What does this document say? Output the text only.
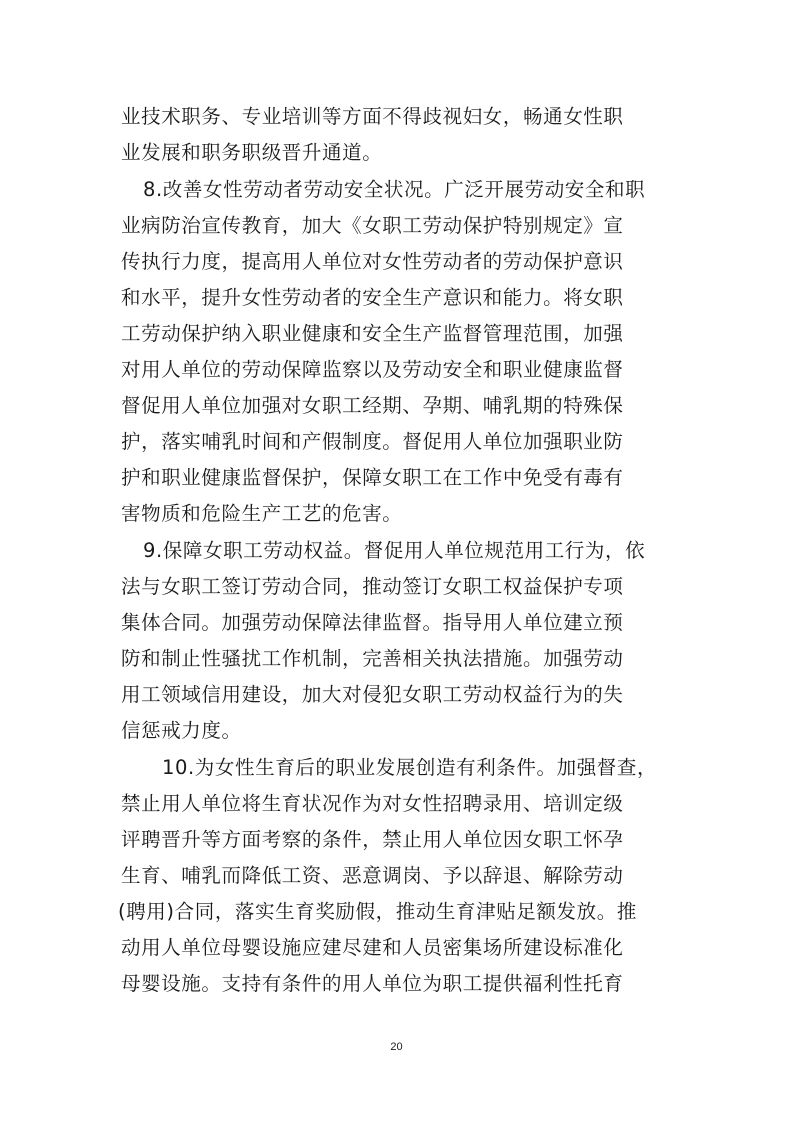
业技术职务、专业培训等方面不得歧视妇女，畅通女性职
业发展和职务职级晋升通道。
8.改善女性劳动者劳动安全状况。广泛开展劳动安全和职
业病防治宣传教育，加大《女职工劳动保护特别规定》宣
传执行力度，提高用人单位对女性劳动者的劳动保护意识
和水平，提升女性劳动者的安全生产意识和能力。将女职
工劳动保护纳入职业健康和安全生产监督管理范围，加强
对用人单位的劳动保障监察以及劳动安全和职业健康监督
督促用人单位加强对女职工经期、孕期、哺乳期的特殊保
护，落实哺乳时间和产假制度。督促用人单位加强职业防
护和职业健康监督保护，保障女职工在工作中免受有毒有
害物质和危险生产工艺的危害。
9.保障女职工劳动权益。督促用人单位规范用工行为，依
法与女职工签订劳动合同，推动签订女职工权益保护专项
集体合同。加强劳动保障法律监督。指导用人单位建立预
防和制止性骚扰工作机制，完善相关执法措施。加强劳动
用工领域信用建设，加大对侵犯女职工劳动权益行为的失
信惩戒力度。
10.为女性生育后的职业发展创造有利条件。加强督查，
禁止用人单位将生育状况作为对女性招聘录用、培训定级
评聘晋升等方面考察的条件，禁止用人单位因女职工怀孕
生育、哺乳而降低工资、恶意调岗、予以辞退、解除劳动
(聘用)合同，落实生育奖励假，推动生育津贴足额发放。推
动用人单位母婴设施应建尽建和人员密集场所建设标准化
母婴设施。支持有条件的用人单位为职工提供福利性托育
20
